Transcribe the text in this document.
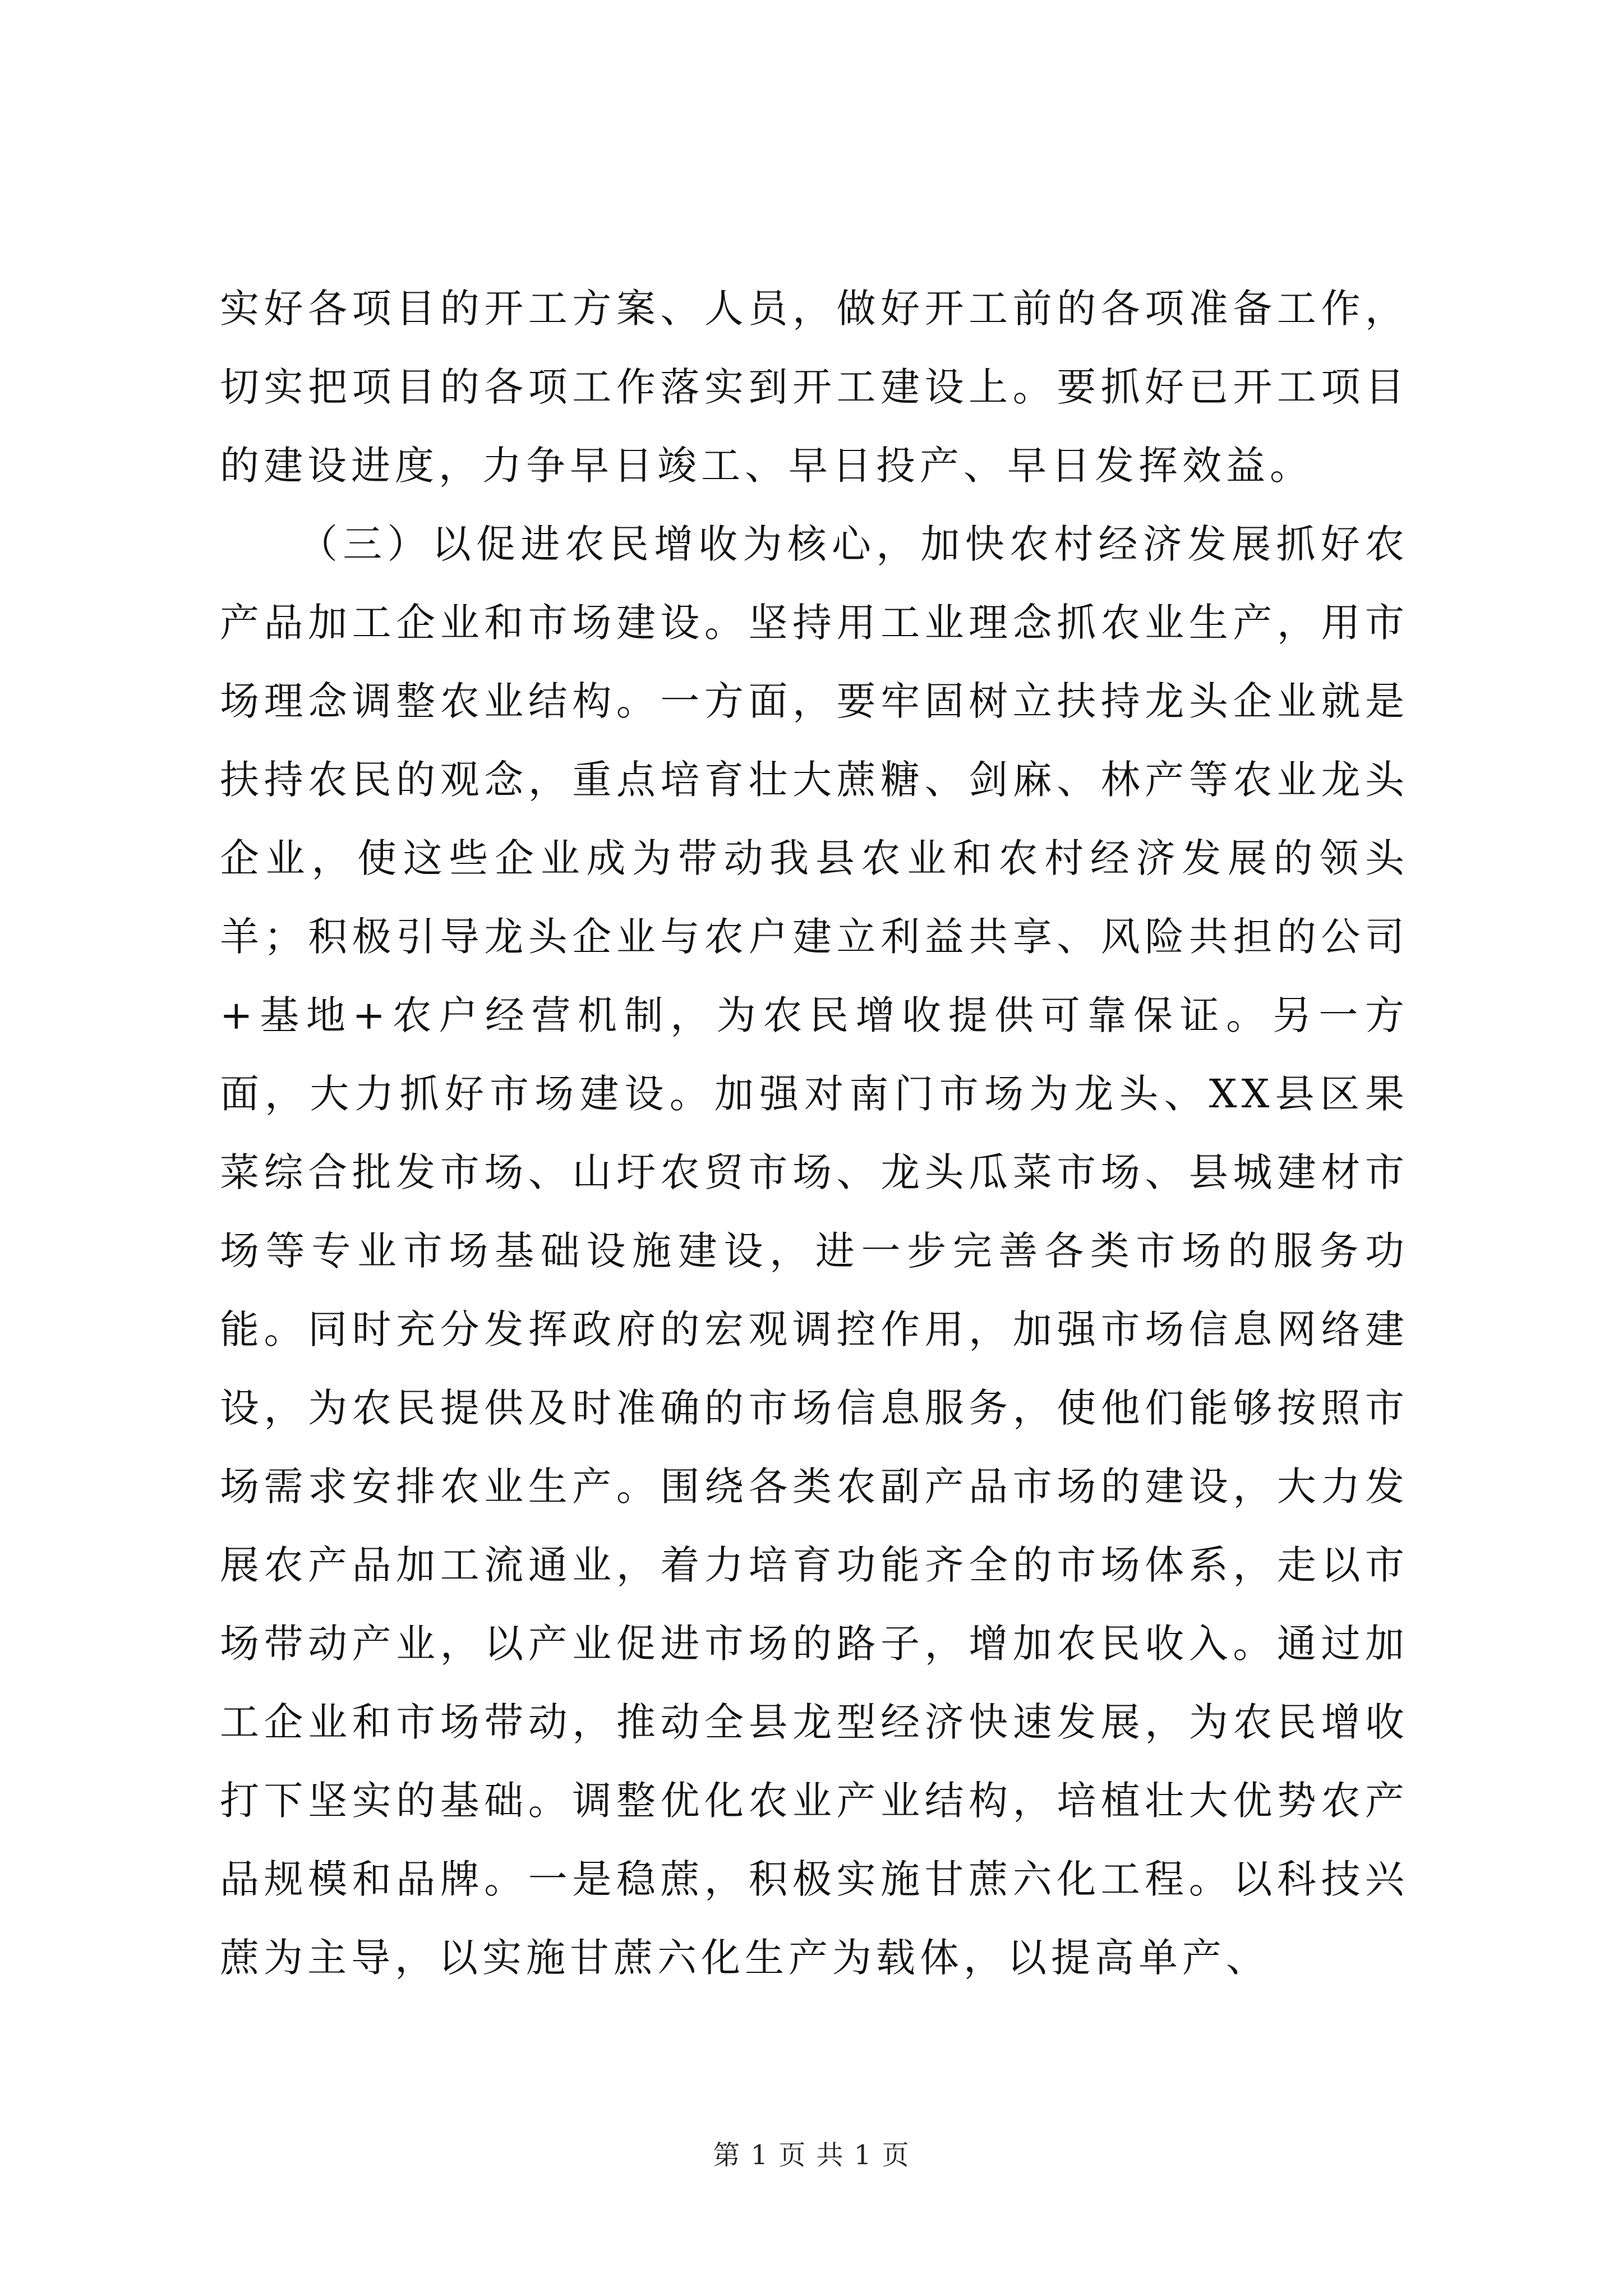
实好各项目的开工方案、人员，做好开工前的各项准备工作，切实把项目的各项工作落实到开工建设上。要抓好已开工项目的建设进度，力争早日竣工、早日投产、早日发挥效益。

（三）以促进农民增收为核心，加快农村经济发展抓好农产品加工企业和市场建设。坚持用工业理念抓农业生产，用市场理念调整农业结构。一方面，要牢固树立扶持龙头企业就是扶持农民的观念，重点培育壮大蔗糖、剑麻、林产等农业龙头企业，使这些企业成为带动我县农业和农村经济发展的领头羊；积极引导龙头企业与农户建立利益共享、风险共担的公司+基地+农户经营机制，为农民增收提供可靠保证。另一方面，大力抓好市场建设。加强对南门市场为龙头、XX县区果菜综合批发市场、山圩农贸市场、龙头瓜菜市场、县城建材市场等专业市场基础设施建设，进一步完善各类市场的服务功能。同时充分发挥政府的宏观调控作用，加强市场信息网络建设，为农民提供及时准确的市场信息服务，使他们能够按照市场需求安排农业生产。围绕各类农副产品市场的建设，大力发展农产品加工流通业，着力培育功能齐全的市场体系，走以市场带动产业，以产业促进市场的路子，增加农民收入。通过加工企业和市场带动，推动全县龙型经济快速发展，为农民增收打下坚实的基础。调整优化农业产业结构，培植壮大优势农产品规模和品牌。一是稳蔗，积极实施甘蔗六化工程。以科技兴蔗为主导，以实施甘蔗六化生产为载体，以提高单产、

第 1 页 共 1 页
